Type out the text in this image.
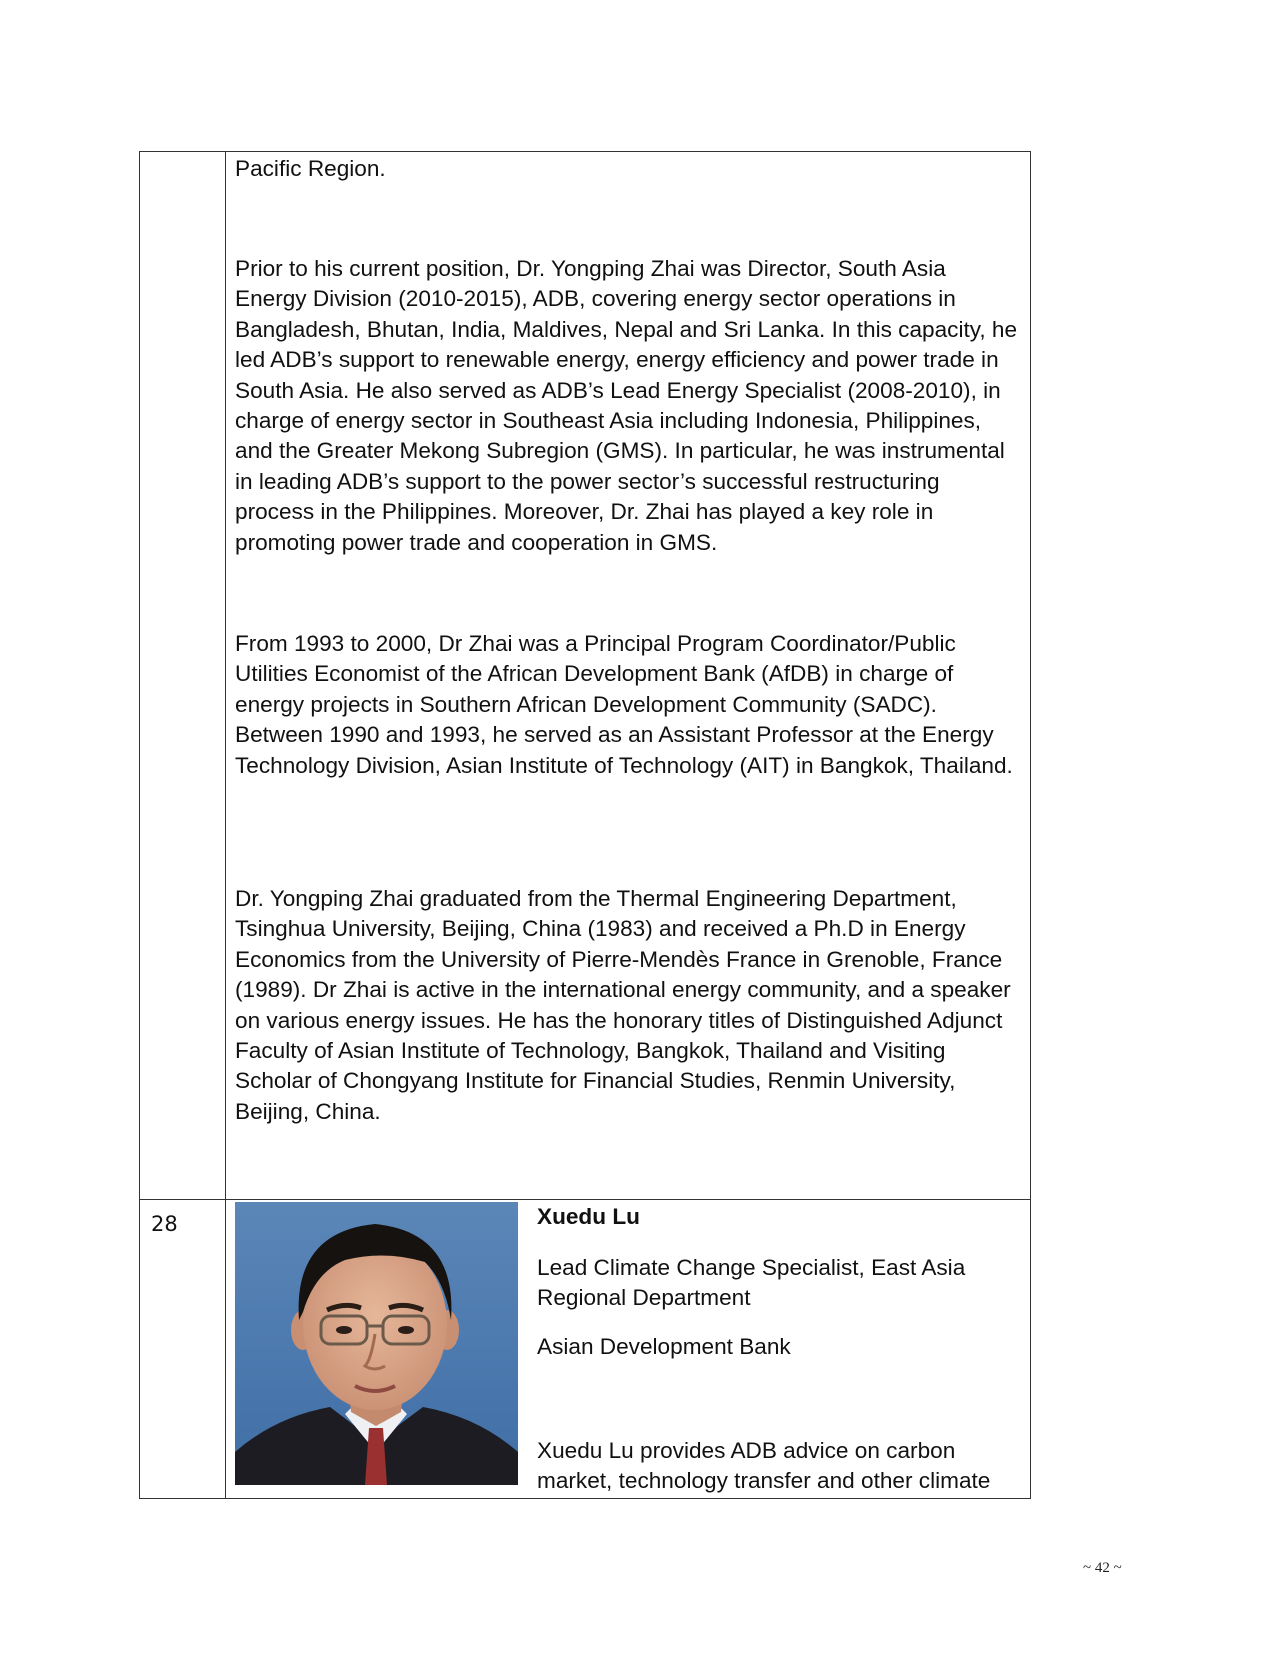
Pacific Region.

Prior to his current position, Dr. Yongping Zhai was Director, South Asia Energy Division (2010-2015), ADB, covering energy sector operations in Bangladesh, Bhutan, India, Maldives, Nepal and Sri Lanka. In this capacity, he led ADB’s support to renewable energy, energy efficiency and power trade in South Asia. He also served as ADB’s Lead Energy Specialist (2008-2010), in charge of energy sector in Southeast Asia including Indonesia, Philippines, and the Greater Mekong Subregion (GMS). In particular, he was instrumental in leading ADB’s support to the power sector’s successful restructuring process in the Philippines. Moreover, Dr. Zhai has played a key role in promoting power trade and cooperation in GMS.

From 1993 to 2000, Dr Zhai was a Principal Program Coordinator/Public Utilities Economist of the African Development Bank (AfDB) in charge of energy projects in Southern African Development Community (SADC). Between 1990 and 1993, he served as an Assistant Professor at the Energy Technology Division, Asian Institute of Technology (AIT) in Bangkok, Thailand.

Dr. Yongping Zhai graduated from the Thermal Engineering Department, Tsinghua University, Beijing, China (1983) and received a Ph.D in Energy Economics from the University of Pierre-Mendès France in Grenoble, France (1989). Dr Zhai is active in the international energy community, and a speaker on various energy issues. He has the honorary titles of Distinguished Adjunct Faculty of Asian Institute of Technology, Bangkok, Thailand and Visiting Scholar of Chongyang Institute for Financial Studies, Renmin University, Beijing, China.

28	Xuedu Lu
Lead Climate Change Specialist, East Asia Regional Department
Asian Development Bank
Xuedu Lu provides ADB advice on carbon market, technology transfer and other climate
~ 42 ~
